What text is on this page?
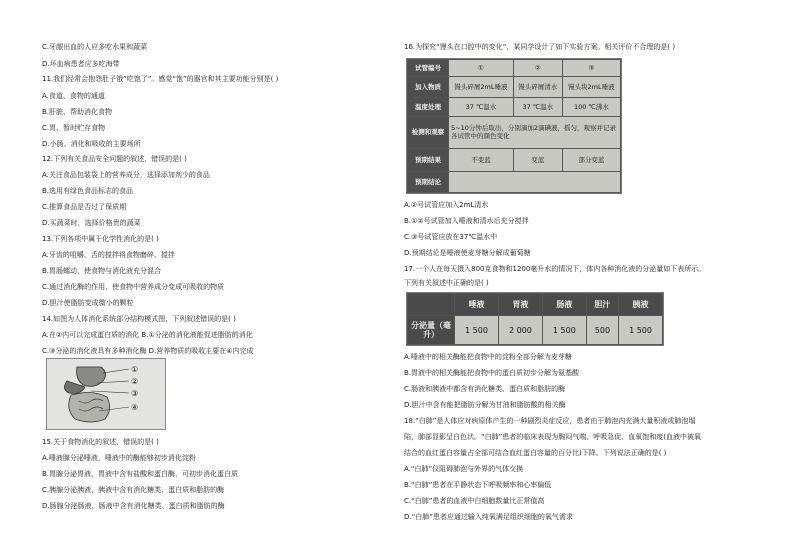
C.牙龈出血的人应多吃水果和蔬菜
D.坏血病患者应多吃海带
11.我们经常会抱怨肚子饿“吃饱了”。感觉“饱”的器官和其主要功能分别是( )
A.食道、食物的通道
B.肝脏、帮助消化食物
C.胃、暂时贮存食物
D.小肠、消化和吸收的主要场所
12.下列有关食品安全问题的叙述，错误的是( )
A.关注食品包装袋上的营养成分，选择添加剂少的食品
B.选用有绿色食品标志的食品
C.推算食品是否过了保质期
D.买蔬菜时，选择价格贵的蔬菜
13.下列各项中属于化学性消化的是( )
A.牙齿的咀嚼、舌的搅拌将食物磨碎、搅拌
B.胃肠蠕动，使食物与消化液充分混合
C.通过消化酶的作用，使食物中营养成分变成可吸收的物质
D.胆汁使脂肪变成微小的颗粒
14.如图为人体消化系统部分结构模式图，下列叙述错误的是( )
A.在②内可以完成蛋白质的消化 B.①分泌的消化液能促进脂肪的消化
C.③分泌的消化液具有多种消化酶 D.营养物质的吸收主要在④内完成
①
②
③
④
15.关于食物消化的叙述，错误的是( )
A.唾液腺分泌唾液，唾液中的酶能够初步消化淀粉
B.胃腺分泌胃液，胃液中含有盐酸和蛋白酶，可初步消化蛋白质
C.胰腺分泌胰液，胰液中含有消化糖类、蛋白质和脂肪的酶
D.肠腺分泌肠液，肠液中含有消化糖类、蛋白质和脂肪的酶
16.为探究“馒头在口腔中的变化”，某同学设计了如下实验方案。相关评价不合理的是( )
试管编号	①	②	③
加入物质	馒头碎屑2mL唾液	馒头碎屑清水	馒头块2mL唾液
温度处理	37 ℃温水	37 ℃温水	100 ℃沸水
检测和观察	5~10分钟后取出，分别滴加2滴碘液，摇匀，观察并记录各试管中的颜色变化		
预期结果	不变蓝	变蓝	部分变蓝
预期结论			
A.②号试管应加入2mL清水
B.①②号试管加入唾液和清水后充分搅拌
C.③号试管应放在37℃温水中
D.预期结论是唾液使麦芽糖分解成葡萄糖
17.一个人在每天摄入800克食物和1200毫升水的情况下，体内各种消化液的分泌量如下表所示。
下列有关叙述中正确的是( )
	唾液	胃液	肠液	胆汁	胰液
分泌量（毫升）	1 500	2 000	1 500	500	1 500
A.唾液中的相关酶能把食物中的淀粉全部分解为麦芽糖
B.胃液中的相关酶能把食物中的蛋白质初步分解为氨基酸
C.肠液和胰液中都含有消化糖类、蛋白质和脂肪的酶
D.胆汁中含有能把脂肪分解为甘油和脂肪酸的相关酶
18.“白肺”是人体应对病原体产生的一种剧烈炎症反应，患者由于肺泡内充满大量积液或肺泡塌
陷，肺部显影呈白色状。“白肺”患者的临床表现为胸闷气喘、呼吸急促、血氧饱和度(血液中被氧
结合的血红蛋白容量占全部可结合血红蛋白容量的百分比)下降。下列说法正确的是( )
A.“白肺”仅阻碍肺泡与外界的气体交换
B.“白肺”患者在平静状态下呼吸频率和心率偏低
C.“白肺”患者的血液中白细胞数量比正常值高
D.“白肺”患者应通过输入纯氧满足组织细胞的氧气需求
